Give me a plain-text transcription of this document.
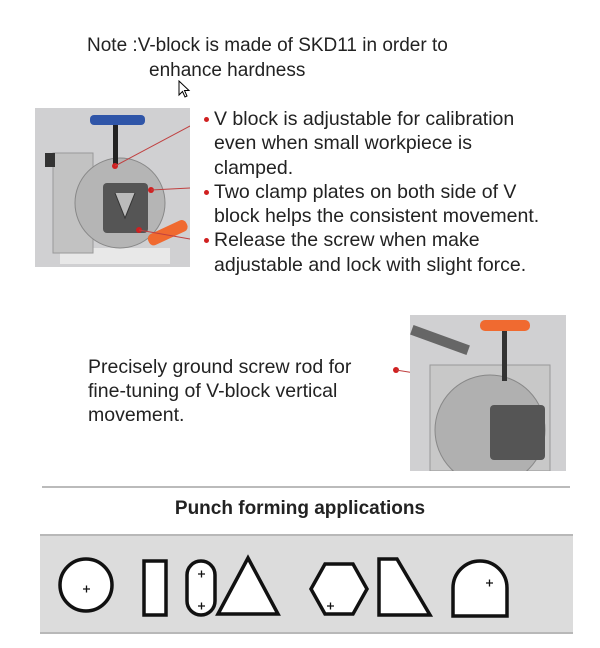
Note :V-block is made of SKD11 in order to
enhance hardness
V block is adjustable for calibration
even when small workpiece is
clamped.
Two clamp plates on both side of V
block helps the consistent movement.
Release the screw when make
adjustable and lock with slight force.
Precisely ground screw rod for
fine-tuning of V-block vertical
movement.
Punch forming applications
